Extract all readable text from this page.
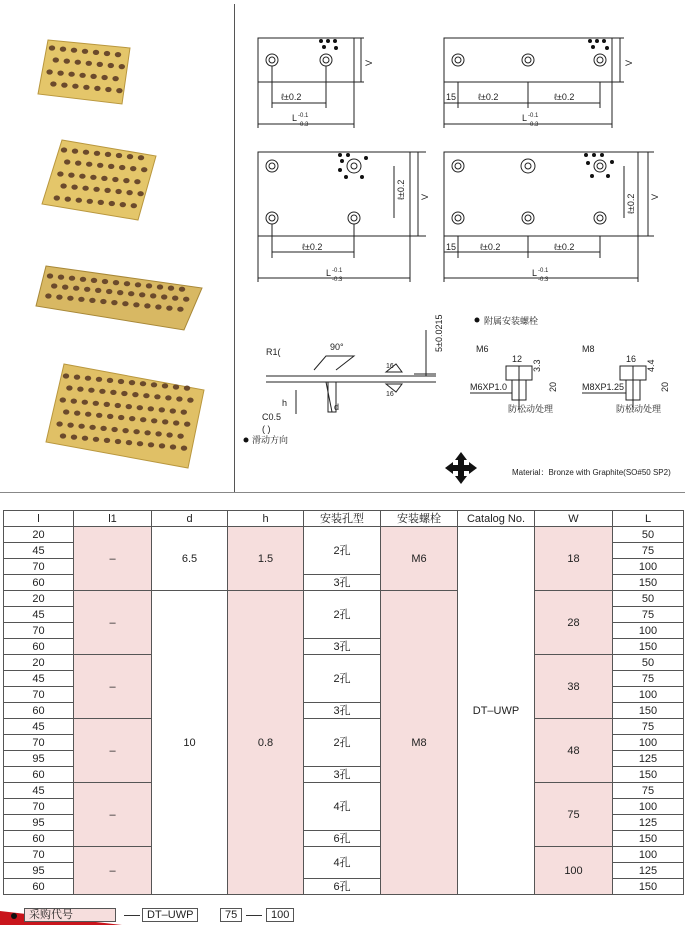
ℓ±0.2
L -0.1
-0.3
V
15 ℓ±0.2	ℓ±0.2
L -0.1
-0.3
V
ℓ±0.2
L -0.1
-0.3
ℓ±0.2 V
15	ℓ±0.2	ℓ±0.2
L -0.1
-0.3
ℓ±0.2 V
R1(	90°
C0.5
( )
h	d
5±0.0215
16
16
附属安装螺栓
M6	M8
12
3.3
20
M6XP1.0
16
4.4
20
M8XP1.25
防松动处理	防松动处理
滑动方向
Material：Bronze with Graphite(SO#50 SP2)
l	l1	d	h	安装孔型	安装螺栓	Catalog No.	W	L
20	–	6.5	1.5	2孔	M6	DT–UWP	18	50
45								75
70								100
60				3孔				150
20	–	10	0.8	2孔	M8		28	50
45								75
70								100
60				3孔				150
20	–			2孔			38	50
45								75
70								100
60				3孔				150
45	–			2孔			48	75
70								100
95								125
60				3孔				150
45	–			4孔			75	75
70								100
95								125
60				6孔				150
70	–			4孔			100	100
95								125
60				6孔				150
采购代号	DT–UWP	75	100
